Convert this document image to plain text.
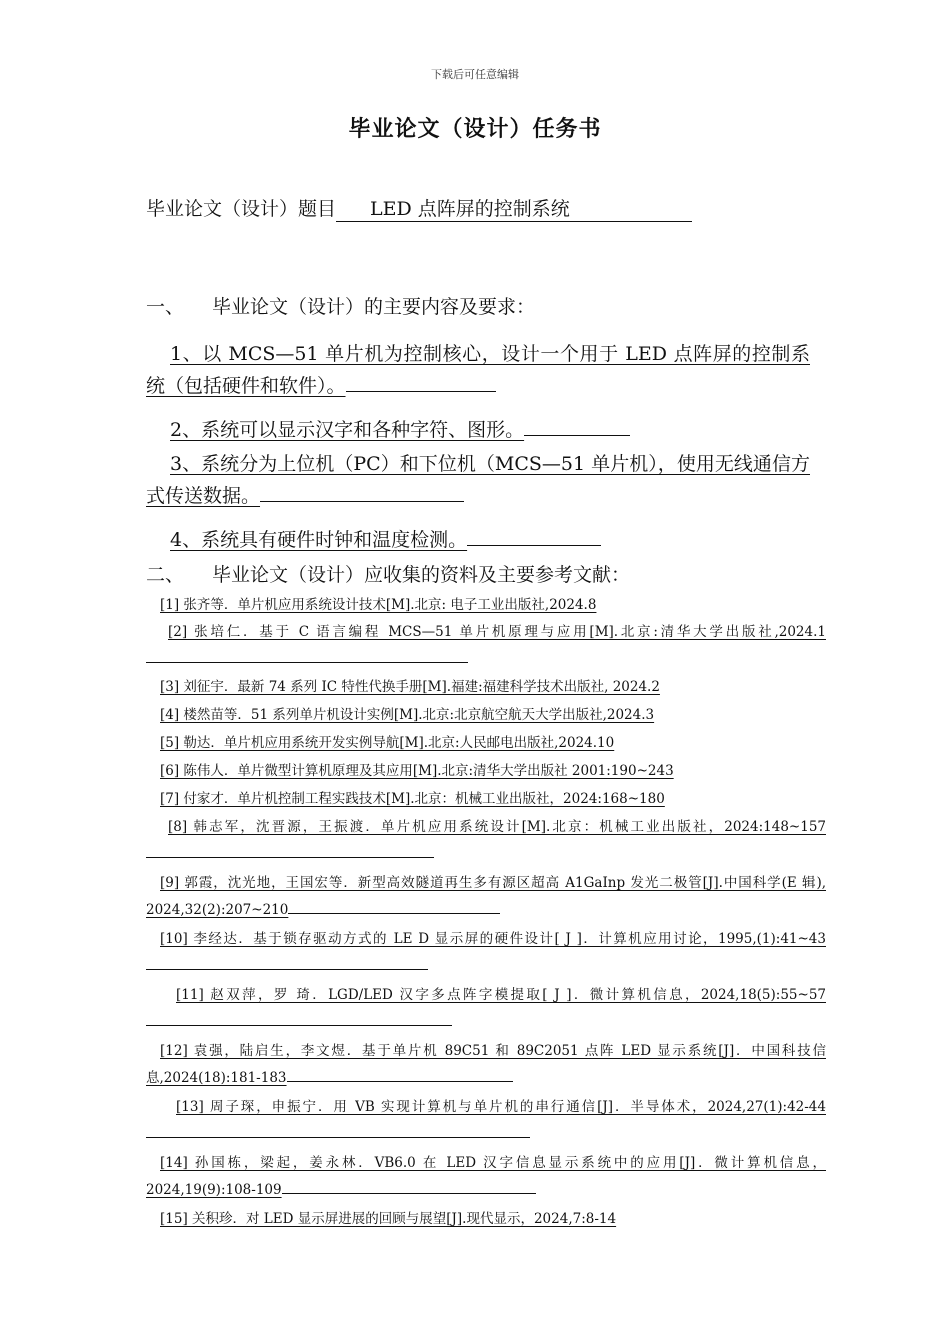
下载后可任意编辑
毕业论文（设计）任务书
毕业论文（设计）题目 LED 点阵屏的控制系统
一、 毕业论文（设计）的主要内容及要求：
1、以 MCS—51 单片机为控制核心，设计一个用于 LED 点阵屏的控制系统（包括硬件和软件）。
2、系统可以显示汉字和各种字符、图形。
3、系统分为上位机（PC）和下位机（MCS—51 单片机），使用无线通信方式传送数据。
4、系统具有硬件时钟和温度检测。
二、 毕业论文（设计）应收集的资料及主要参考文献：
[1] 张齐等．单片机应用系统设计技术[M].北京: 电子工业出版社,2024.8
[2] 张培仁．基于 C 语言编程 MCS—51 单片机原理与应用[M].北京:清华大学出版社,2024.1
[3] 刘征宇．最新 74 系列 IC 特性代换手册[M].福建:福建科学技术出版社, 2024.2
[4] 楼然苗等．51 系列单片机设计实例[M].北京:北京航空航天大学出版社,2024.3
[5] 勒达．单片机应用系统开发实例导航[M].北京:人民邮电出版社,2024.10
[6] 陈伟人．单片微型计算机原理及其应用[M].北京:清华大学出版社 2001:190~243
[7] 付家才．单片机控制工程实践技术[M].北京：机械工业出版社，2024:168~180
[8] 韩志军，沈晋源，王振渡．单片机应用系统设计[M].北京：机械工业出版社，2024:148~157
[9] 郭霞，沈光地，王国宏等．新型高效隧道再生多有源区超高 A1GaInp 发光二极管[J].中国科学(E 辑), 2024,32(2):207~210
[10] 李经达．基于锁存驱动方式的 LE D 显示屏的硬件设计[ J ]．计算机应用讨论，1995,(1):41~43
[11] 赵双萍，罗 琦．LGD/LED 汉字多点阵字模提取[ J ]．微计算机信息，2024,18(5):55~57
[12] 袁强，陆启生，李文煜．基于单片机 89C51 和 89C2051 点阵 LED 显示系统[J]．中国科技信息,2024(18):181-183
[13] 周子琛，申振宁．用 VB 实现计算机与单片机的串行通信[J]．半导体术，2024,27(1):42-44
[14] 孙国栋，梁起，姜永林．VB6.0 在 LED 汉字信息显示系统中的应用[J]．微计算机信息，2024,19(9):108-109
[15] 关积珍．对 LED 显示屏进展的回顾与展望[J].现代显示，2024,7:8-14
